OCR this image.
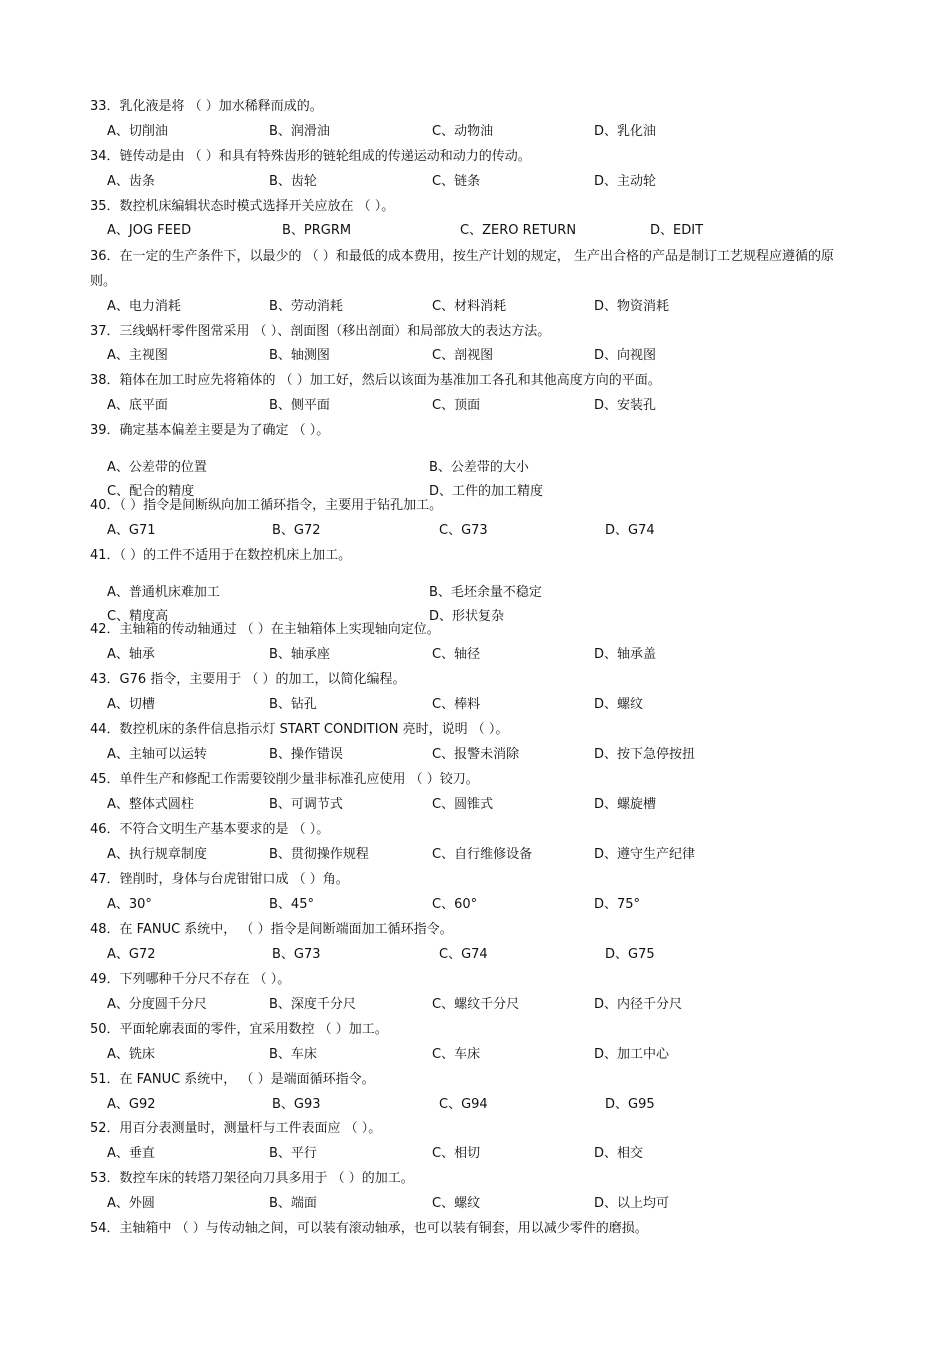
33．乳化液是将 （ ）加水稀释而成的。
A、切削油	B、润滑油	C、动物油	D、乳化油
34．链传动是由 （ ）和具有特殊齿形的链轮组成的传递运动和动力的传动。
A、齿条	B、齿轮	C、链条	D、主动轮
35．数控机床编辑状态时模式选择开关应放在 （ ）。
A、JOG FEED	B、PRGRM	C、ZERO RETURN	D、EDIT
36．在一定的生产条件下，以最少的 （ ）和最低的成本费用，按生产计划的规定， 生产出合格的产品是制订工艺规程应遵循的原则。
A、电力消耗	B、劳动消耗	C、材料消耗	D、物资消耗
37．三线蜗杆零件图常采用 （ ）、剖面图（移出剖面）和局部放大的表达方法。
A、主视图	B、轴测图	C、剖视图	D、向视图
38．箱体在加工时应先将箱体的 （ ）加工好，然后以该面为基准加工各孔和其他高度方向的平面。
A、底平面	B、侧平面	C、顶面	D、安装孔
39．确定基本偏差主要是为了确定 （ ）。
A、公差带的位置	B、公差带的大小
C、配合的精度	D、工件的加工精度
40．（ ）指令是间断纵向加工循环指令，主要用于钻孔加工。
A、G71	B、G72	C、G73	D、G74
41．（ ）的工件不适用于在数控机床上加工。
A、普通机床难加工	B、毛坯余量不稳定
C、精度高	D、形状复杂
42．主轴箱的传动轴通过 （ ）在主轴箱体上实现轴向定位。
A、轴承	B、轴承座	C、轴径	D、轴承盖
43．G76 指令，主要用于 （ ）的加工，以简化编程。
A、切槽	B、钻孔	C、棒料	D、螺纹
44．数控机床的条件信息指示灯 START CONDITION 亮时，说明 （ ）。
A、主轴可以运转	B、操作错误	C、报警未消除	D、按下急停按扭
45．单件生产和修配工作需要铰削少量非标准孔应使用 （ ）铰刀。
A、整体式圆柱	B、可调节式	C、圆锥式	D、螺旋槽
46．不符合文明生产基本要求的是 （ ）。
A、执行规章制度	B、贯彻操作规程	C、自行维修设备	D、遵守生产纪律
47．锉削时，身体与台虎钳钳口成 （ ）角。
A、30°	B、45°	C、60°	D、75°
48．在 FANUC 系统中， （ ）指令是间断端面加工循环指令。
A、G72	B、G73	C、G74	D、G75
49．下列哪种千分尺不存在 （ ）。
A、分度圆千分尺	B、深度千分尺	C、螺纹千分尺	D、内径千分尺
50．平面轮廓表面的零件，宜采用数控 （ ）加工。
A、铣床	B、车床	C、车床	D、加工中心
51．在 FANUC 系统中， （ ）是端面循环指令。
A、G92	B、G93	C、G94	D、G95
52．用百分表测量时，测量杆与工件表面应 （ ）。
A、垂直	B、平行	C、相切	D、相交
53．数控车床的转塔刀架径向刀具多用于 （ ）的加工。
A、外圆	B、端面	C、螺纹	D、以上均可
54．主轴箱中 （ ）与传动轴之间，可以装有滚动轴承，也可以装有铜套，用以减少零件的磨损。
